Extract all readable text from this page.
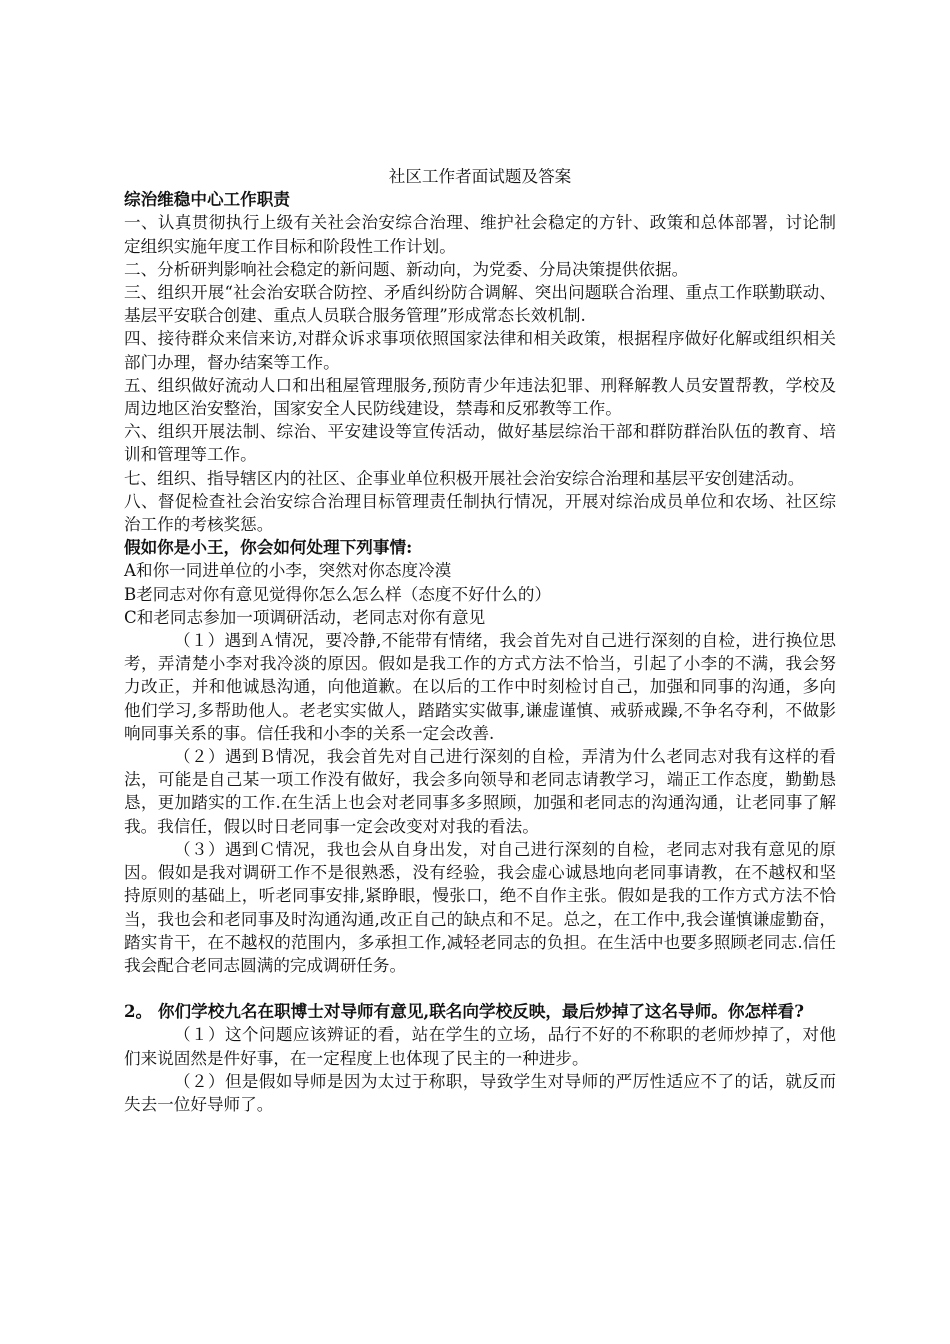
社区工作者面试题及答案

综治维稳中心工作职责

一、认真贯彻执行上级有关社会治安综合治理、维护社会稳定的方针、政策和总体部署，讨论制定组织实施年度工作目标和阶段性工作计划。

二、分析研判影响社会稳定的新问题、新动向，为党委、分局决策提供依据。

三、组织开展“社会治安联合防控、矛盾纠纷防合调解、突出问题联合治理、重点工作联勤联动、基层平安联合创建、重点人员联合服务管理”形成常态长效机制.

四、接待群众来信来访,对群众诉求事项依照国家法律和相关政策，根据程序做好化解或组织相关部门办理，督办结案等工作。

五、组织做好流动人口和出租屋管理服务,预防青少年违法犯罪、刑释解教人员安置帮教，学校及周边地区治安整治，国家安全人民防线建设，禁毒和反邪教等工作。

六、组织开展法制、综治、平安建设等宣传活动，做好基层综治干部和群防群治队伍的教育、培训和管理等工作。

七、组织、指导辖区内的社区、企事业单位积极开展社会治安综合治理和基层平安创建活动。

八、督促检查社会治安综合治理目标管理责任制执行情况，开展对综治成员单位和农场、社区综治工作的考核奖惩。

假如你是小王，你会如何处理下列事情:

A和你一同进单位的小李，突然对你态度冷漠

B老同志对你有意见觉得你怎么怎么样（态度不好什么的）

C和老同志参加一项调研活动，老同志对你有意见

（１）遇到Ａ情况，要冷静,不能带有情绪，我会首先对自己进行深刻的自检，进行换位思考，弄清楚小李对我冷淡的原因。假如是我工作的方式方法不恰当，引起了小李的不满，我会努力改正，并和他诚恳沟通，向他道歉。在以后的工作中时刻检讨自己，加强和同事的沟通，多向他们学习,多帮助他人。老老实实做人，踏踏实实做事,谦虚谨慎、戒骄戒躁,不争名夺利，不做影响同事关系的事。信任我和小李的关系一定会改善.

（２）遇到Ｂ情况，我会首先对自己进行深刻的自检，弄清为什么老同志对我有这样的看法，可能是自己某一项工作没有做好，我会多向领导和老同志请教学习，端正工作态度，勤勤恳恳，更加踏实的工作.在生活上也会对老同事多多照顾，加强和老同志的沟通沟通，让老同事了解我。我信任，假以时日老同事一定会改变对对我的看法。

（３）遇到Ｃ情况，我也会从自身出发，对自己进行深刻的自检，老同志对我有意见的原因。假如是我对调研工作不是很熟悉，没有经验，我会虚心诚恳地向老同事请教，在不越权和坚持原则的基础上，听老同事安排,紧睁眼，慢张口，绝不自作主张。假如是我的工作方式方法不恰当，我也会和老同事及时沟通沟通,改正自己的缺点和不足。总之，在工作中,我会谨慎谦虚勤奋，踏实肯干，在不越权的范围内，多承担工作,减轻老同志的负担。在生活中也要多照顾老同志.信任我会配合老同志圆满的完成调研任务。

2。 你们学校九名在职博士对导师有意见,联名向学校反映，最后炒掉了这名导师。你怎样看?

（１）这个问题应该辨证的看，站在学生的立场，品行不好的不称职的老师炒掉了，对他们来说固然是件好事，在一定程度上也体现了民主的一种进步。

（２）但是假如导师是因为太过于称职，导致学生对导师的严厉性适应不了的话，就反而失去一位好导师了。
